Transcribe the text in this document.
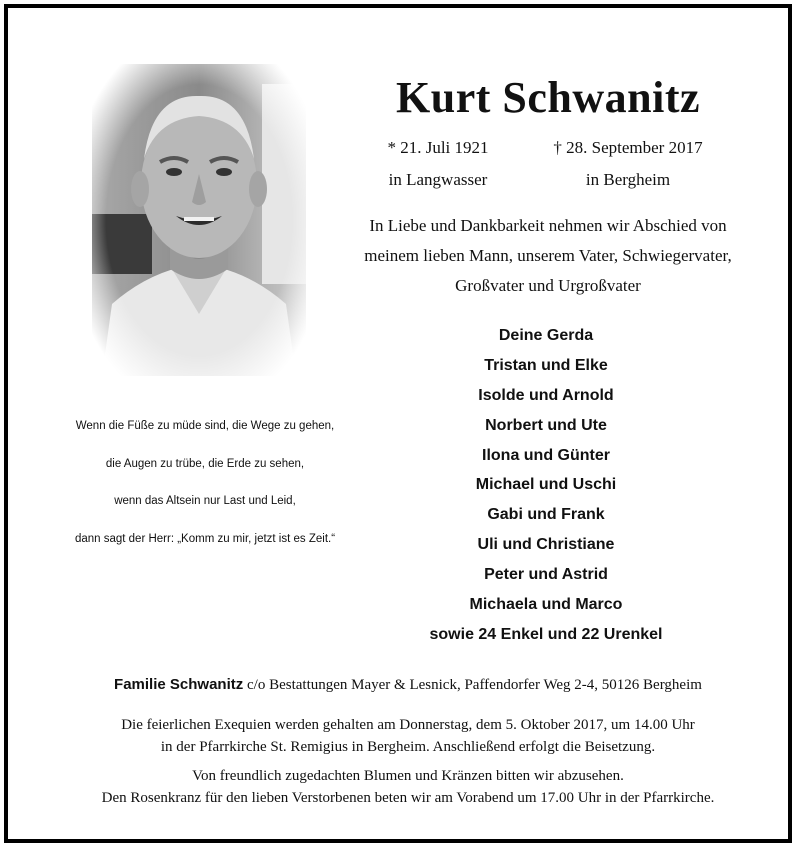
Kurt Schwanitz
* 21. Juli 1921
in Langwasser
† 28. September 2017
in Bergheim
In Liebe und Dankbarkeit nehmen wir Abschied von
meinem lieben Mann, unserem Vater, Schwiegervater,
Großvater und Urgroßvater
Deine Gerda
Tristan und Elke
Isolde und Arnold
Norbert und Ute
Ilona und Günter
Michael und Uschi
Gabi und Frank
Uli und Christiane
Peter und Astrid
Michaela und Marco
sowie 24 Enkel und 22 Urenkel
Wenn die Füße zu müde sind, die Wege zu gehen,
die Augen zu trübe, die Erde zu sehen,
wenn das Altsein nur Last und Leid,
dann sagt der Herr: „Komm zu mir, jetzt ist es Zeit.“
Familie Schwanitz c/o Bestattungen Mayer & Lesnick, Paffendorfer Weg 2-4, 50126 Bergheim
Die feierlichen Exequien werden gehalten am Donnerstag, dem 5. Oktober 2017, um 14.00 Uhr
in der Pfarrkirche St. Remigius in Bergheim. Anschließend erfolgt die Beisetzung.
Von freundlich zugedachten Blumen und Kränzen bitten wir abzusehen.
Den Rosenkranz für den lieben Verstorbenen beten wir am Vorabend um 17.00 Uhr in der Pfarrkirche.
